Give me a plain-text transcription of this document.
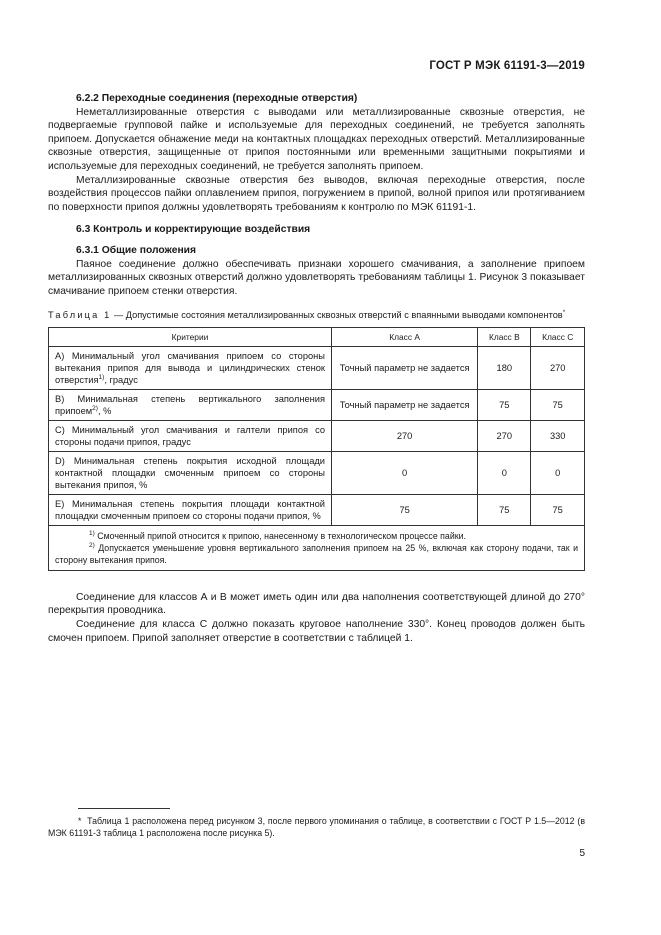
ГОСТ Р МЭК 61191-3—2019
6.2.2 Переходные соединения (переходные отверстия)

Неметаллизированные отверстия с выводами или металлизированные сквозные отверстия, не подвергаемые групповой пайке и используемые для переходных соединений, не требуется заполнять припоем. Допускается обнажение меди на контактных площадках переходных отверстий. Металлизированные сквозные отверстия, защищенные от припоя постоянными или временными защитными покрытиями и используемые для переходных соединений, не требуется заполнять припоем.

Металлизированные сквозные отверстия без выводов, включая переходные отверстия, после воздействия процессов пайки оплавлением припоя, погружением в припой, волной припоя или протягиванием по поверхности припоя должны удовлетворять требованиям к контролю по МЭК 61191-1.

6.3 Контроль и корректирующие воздействия
6.3.1 Общие положения

Паяное соединение должно обеспечивать признаки хорошего смачивания, а заполнение припоем металлизированных сквозных отверстий должно удовлетворять требованиям таблицы 1. Рисунок 3 показывает смачивание припоем стенки отверстия.

Таблица 1 — Допустимые состояния металлизированных сквозных отверстий с впаянными выводами компонентов*
Критерии	Класс А	Класс В	Класс С
А) Минимальный угол смачивания припоем со стороны вытекания припоя для вывода и цилиндрических стенок отверстия$^{1)}$, градус	Точный параметр не задается	180	270
В) Минимальная степень вертикального заполнения припоем$^{2)}$, %	Точный параметр не задается	75	75
С) Минимальный угол смачивания и галтели припоя со стороны подачи припоя, градус	270	270	330
D) Минимальная степень покрытия исходной площади контактной площадки смоченным припоем со стороны вытекания припоя, %	0	0	0
Е) Минимальная степень покрытия площади контактной площадки смоченным припоем со стороны подачи припоя, %	75	75	75

$^{1)}$ Смоченный припой относится к припою, нанесенному в технологическом процессе пайки.
$^{2)}$ Допускается уменьшение уровня вертикального заполнения припоем на 25 %, включая как сторону подачи, так и сторону вытекания припоя.			

Соединение для классов А и В может иметь один или два наполнения соответствующей длиной до 270° перекрытия проводника.

Соединение для класса С должно показать круговое наполнение 330°. Конец проводов должен быть смочен припоем. Припой заполняет отверстие в соответствии с таблицей 1.

* Таблица 1 расположена перед рисунком 3, после первого упоминания о таблице, в соответствии с ГОСТ Р 1.5—2012 (в МЭК 61191-3 таблица 1 расположена после рисунка 5).
5
